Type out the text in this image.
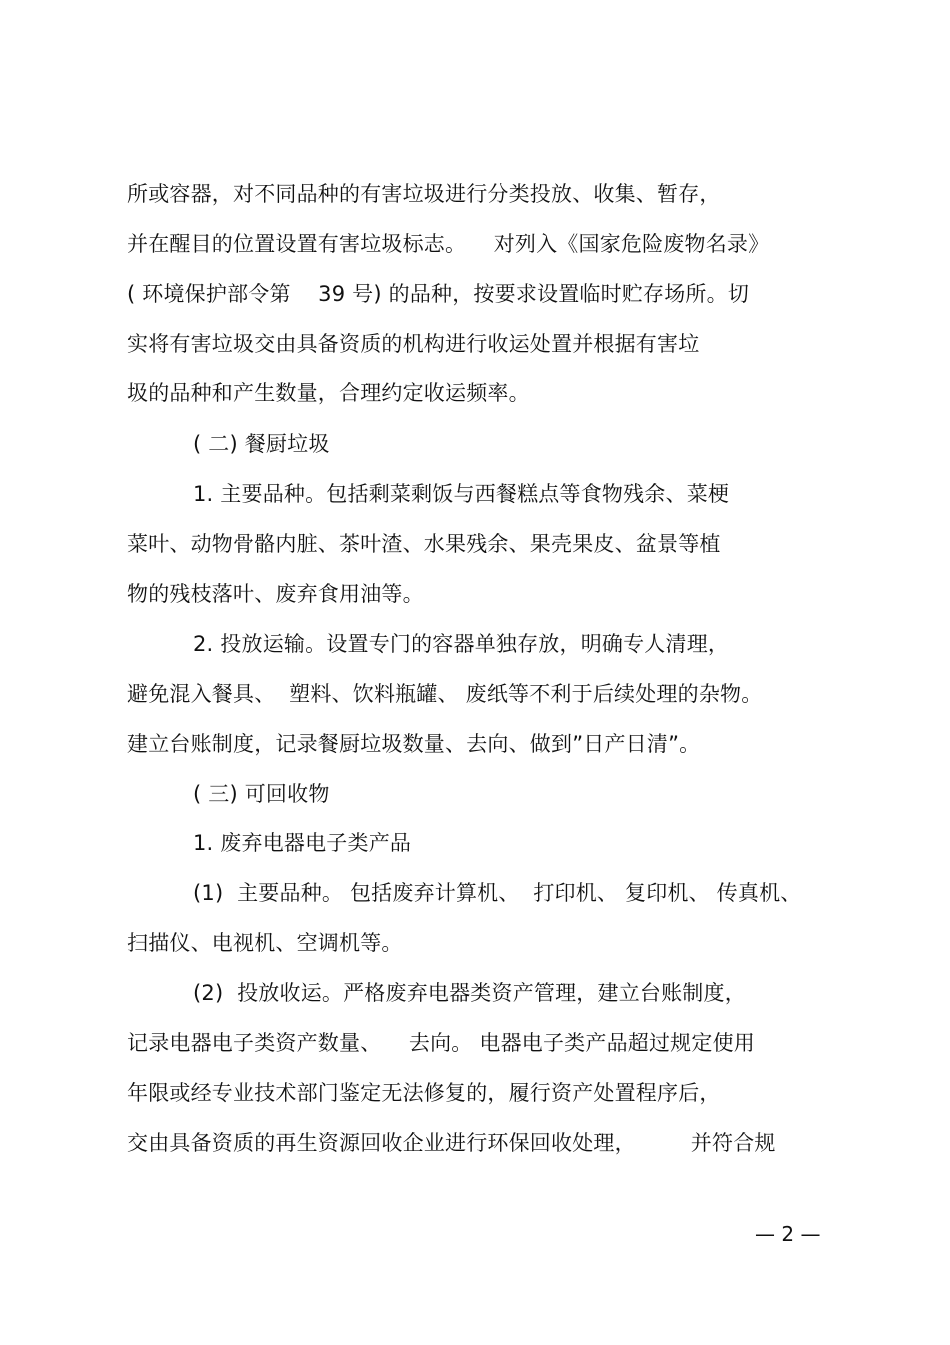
所或容器，对不同品种的有害垃圾进行分类投放、收集、暂存，
并在醒目的位置设置有害垃圾标志。    对列入《国家危险废物名录》
( 环境保护部令第    39 号) 的品种，按要求设置临时贮存场所。切
实将有害垃圾交由具备资质的机构进行收运处置并根据有害垃
圾的品种和产生数量，合理约定收运频率。
( 二) 餐厨垃圾
1. 主要品种。包括剩菜剩饭与西餐糕点等食物残余、菜梗
菜叶、动物骨骼内脏、茶叶渣、水果残余、果壳果皮、盆景等植
物的残枝落叶、废弃食用油等。
2. 投放运输。设置专门的容器单独存放，明确专人清理，
避免混入餐具、  塑料、饮料瓶罐、 废纸等不利于后续处理的杂物。
建立台账制度，记录餐厨垃圾数量、去向、做到”日产日清”。
( 三) 可回收物
1. 废弃电器电子类产品
(1)  主要品种。 包括废弃计算机、  打印机、 复印机、 传真机、
扫描仪、电视机、空调机等。
(2)  投放收运。严格废弃电器类资产管理，建立台账制度，
记录电器电子类资产数量、    去向。 电器电子类产品超过规定使用
年限或经专业技术部门鉴定无法修复的，履行资产处置程序后，
交由具备资质的再生资源回收企业进行环保回收处理，        并符合规
— 2 —
